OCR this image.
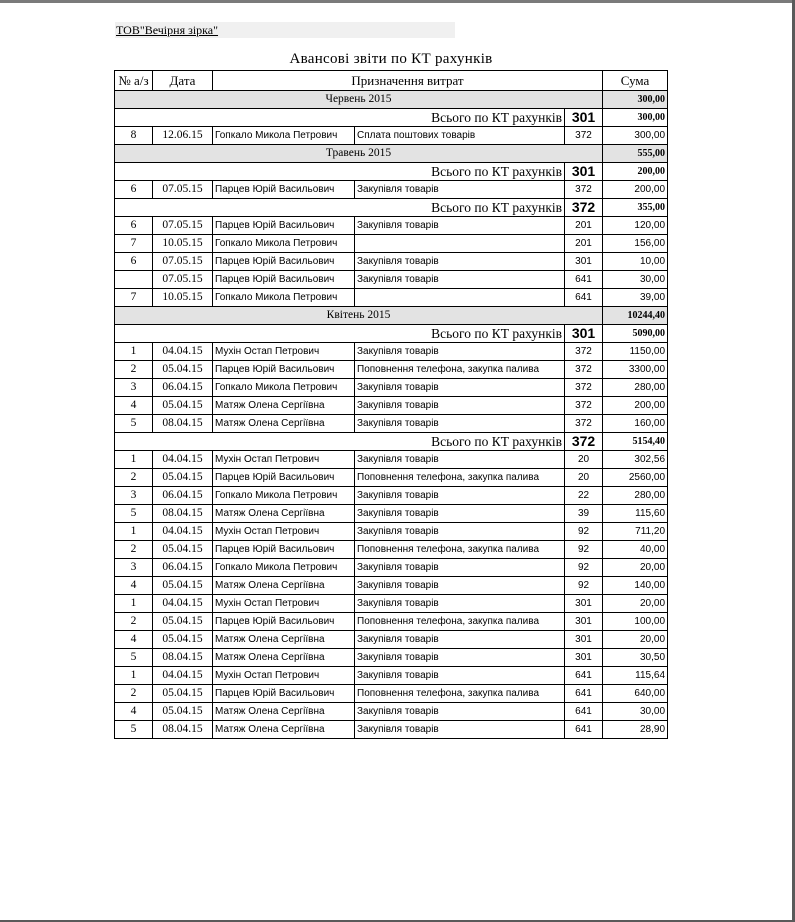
ТОВ"Вечірня зірка"
Авансові звіти по КТ рахунків
№ а/з	Дата	Призначення витрат			Сума
Червень 2015					300,00
	Всього по КТ рахунків			301	300,00
8	12.06.15	Гопкало Микола Петрович	Сплата поштових товарів	372	300,00
Травень 2015					555,00
	Всього по КТ рахунків			301	200,00
6	07.05.15	Парцев Юрій Васильович	Закупівля товарів	372	200,00
	Всього по КТ рахунків			372	355,00
6	07.05.15	Парцев Юрій Васильович	Закупівля товарів	201	120,00
7	10.05.15	Гопкало Микола Петрович		201	156,00
6	07.05.15	Парцев Юрій Васильович	Закупівля товарів	301	10,00
	07.05.15	Парцев Юрій Васильович	Закупівля товарів	641	30,00
7	10.05.15	Гопкало Микола Петрович		641	39,00
Квітень 2015					10244,40
	Всього по КТ рахунків			301	5090,00
1	04.04.15	Мухін Остап Петрович	Закупівля товарів	372	1150,00
2	05.04.15	Парцев Юрій Васильович	Поповнення телефона, закупка палива	372	3300,00
3	06.04.15	Гопкало Микола Петрович	Закупівля товарів	372	280,00
4	05.04.15	Матяж Олена Сергіївна	Закупівля товарів	372	200,00
5	08.04.15	Матяж Олена Сергіївна	Закупівля товарів	372	160,00
	Всього по КТ рахунків			372	5154,40
1	04.04.15	Мухін Остап Петрович	Закупівля товарів	20	302,56
2	05.04.15	Парцев Юрій Васильович	Поповнення телефона, закупка палива	20	2560,00
3	06.04.15	Гопкало Микола Петрович	Закупівля товарів	22	280,00
5	08.04.15	Матяж Олена Сергіївна	Закупівля товарів	39	115,60
1	04.04.15	Мухін Остап Петрович	Закупівля товарів	92	711,20
2	05.04.15	Парцев Юрій Васильович	Поповнення телефона, закупка палива	92	40,00
3	06.04.15	Гопкало Микола Петрович	Закупівля товарів	92	20,00
4	05.04.15	Матяж Олена Сергіївна	Закупівля товарів	92	140,00
1	04.04.15	Мухін Остап Петрович	Закупівля товарів	301	20,00
2	05.04.15	Парцев Юрій Васильович	Поповнення телефона, закупка палива	301	100,00
4	05.04.15	Матяж Олена Сергіївна	Закупівля товарів	301	20,00
5	08.04.15	Матяж Олена Сергіївна	Закупівля товарів	301	30,50
1	04.04.15	Мухін Остап Петрович	Закупівля товарів	641	115,64
2	05.04.15	Парцев Юрій Васильович	Поповнення телефона, закупка палива	641	640,00
4	05.04.15	Матяж Олена Сергіївна	Закупівля товарів	641	30,00
5	08.04.15	Матяж Олена Сергіївна	Закупівля товарів	641	28,90
